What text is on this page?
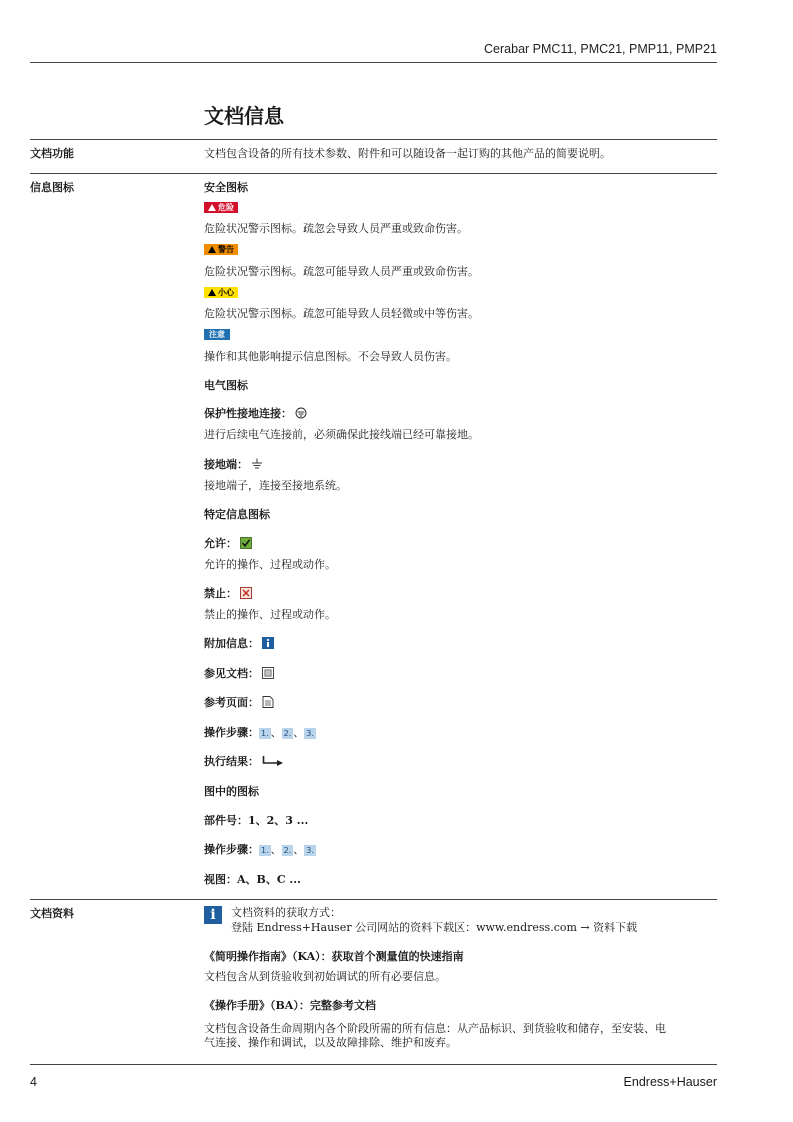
Cerabar PMC11, PMC21, PMP11, PMP21
文档信息
文档功能	文档包含设备的所有技术参数、附件和可以随设备一起订购的其他产品的简要说明。
信息图标	安全图标
危险
危险状况警示图标。疏忽会导致人员严重或致命伤害。
警告
危险状况警示图标。疏忽可能导致人员严重或致命伤害。
小心
危险状况警示图标。疏忽可能导致人员轻微或中等伤害。
注意
操作和其他影响提示信息图标。不会导致人员伤害。
电气图标
保护性接地连接：
进行后续电气连接前，必须确保此接线端已经可靠接地。
接地端：
接地端子，连接至接地系统。
特定信息图标
允许：
允许的操作、过程或动作。
禁止：
禁止的操作、过程或动作。
附加信息：
参见文档：
参考页面：
操作步骤： 1. 、 2. 、 3.
执行结果：
图中的图标
部件号：1、2、3 ...
操作步骤： 1. 、 2. 、 3.
视图：A、B、C ...
文档资料	i	文档资料的获取方式：
登陆 Endress+Hauser 公司网站的资料下载区：www.endress.com → 资料下载
《简明操作指南》（KA）：获取首个测量值的快速指南
文档包含从到货验收到初始调试的所有必要信息。
《操作手册》（BA）：完整参考文档
文档包含设备生命周期内各个阶段所需的所有信息：从产品标识、到货验收和储存，至安装、电
气连接、操作和调试，以及故障排除、维护和废弃。
4	Endress+Hauser
